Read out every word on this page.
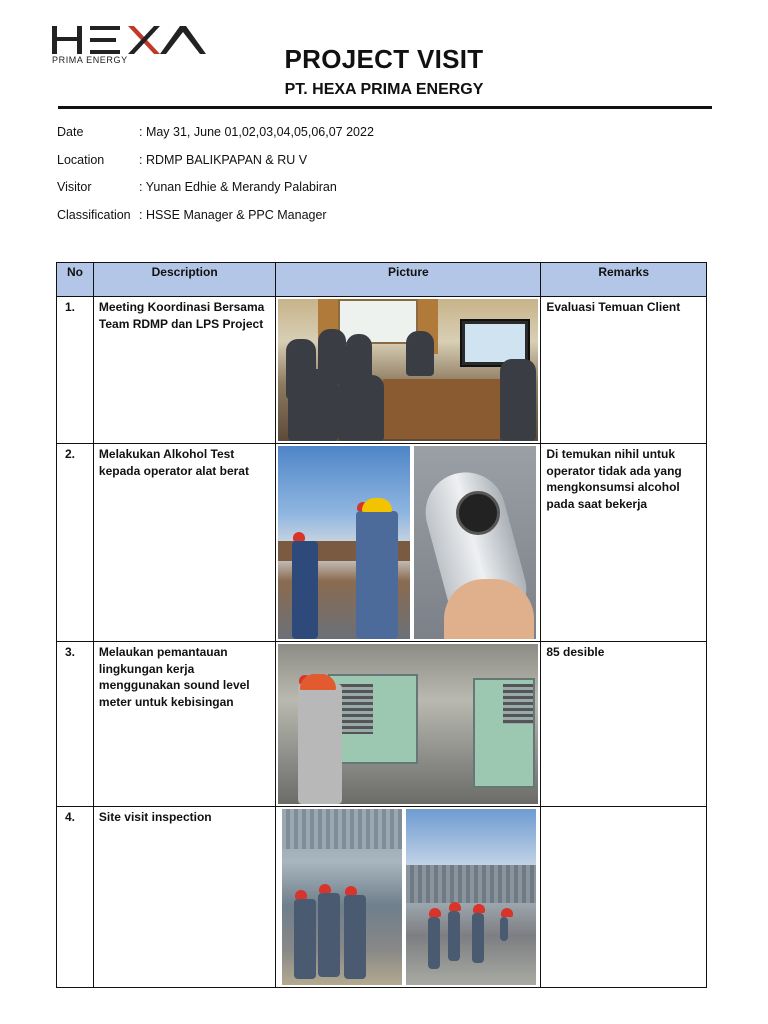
PRIMA ENERGY	PROJECT VISIT
PT. HEXA PRIMA ENERGY
Date	: May 31, June 01,02,03,04,05,06,07 2022
Location	: RDMP BALIKPAPAN & RU V
Visitor	: Yunan Edhie & Merandy Palabiran
Classification : HSSE Manager & PPC Manager
No	Description	Picture	Remarks
1.	Meeting Koordinasi Bersama Team RDMP dan LPS Project		Evaluasi Temuan Client
2.	Melakukan Alkohol Test kepada operator alat berat		Di temukan nihil untuk operator tidak ada yang mengkonsumsi alcohol pada saat bekerja
3.	Melaukan pemantauan lingkungan kerja menggunakan sound level meter untuk kebisingan		85 desible
4.	Site visit inspection	
